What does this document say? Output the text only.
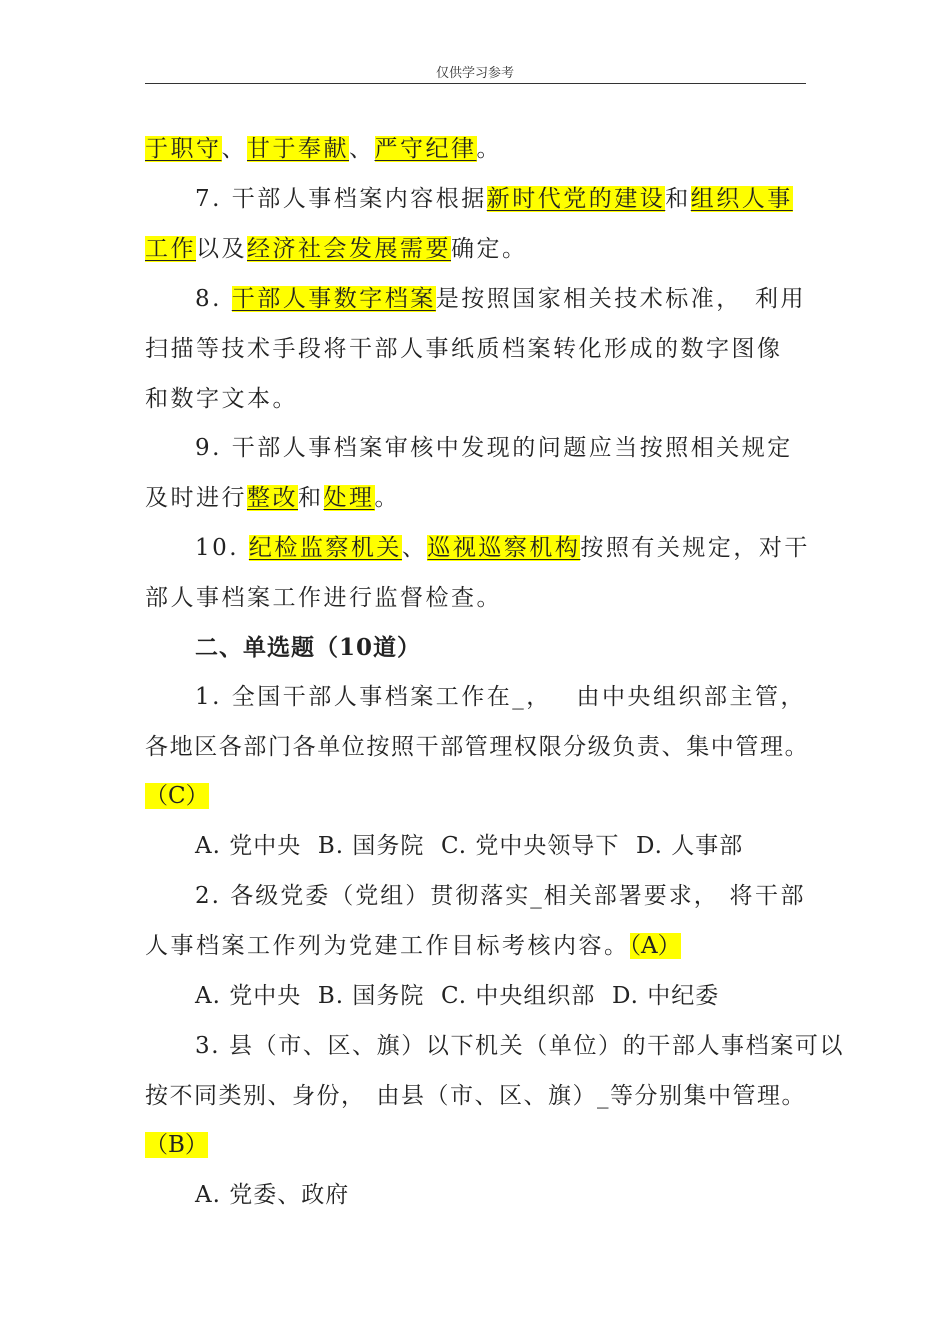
仅供学习参考
于职守、甘于奉献、严守纪律。
7. 干部人事档案内容根据新时代党的建设和组织人事
工作以及经济社会发展需要确定。
8. 干部人事数字档案是按照国家相关技术标准， 利用
扫描等技术手段将干部人事纸质档案转化形成的数字图像
和数字文本。
9. 干部人事档案审核中发现的问题应当按照相关规定
及时进行整改和处理。
10. 纪检监察机关、巡视巡察机构按照有关规定， 对干
部人事档案工作进行监督检查。
二、单选题（10道）
1. 全国干部人事档案工作在_， 由中央组织部主管，
各地区各部门各单位按照干部管理权限分级负责、集中管理。
（C）
A. 党中央  B. 国务院  C. 党中央领导下  D. 人事部
2. 各级党委（党组）贯彻落实_相关部署要求， 将干部
人事档案工作列为党建工作目标考核内容。（A）
A. 党中央  B. 国务院  C. 中央组织部  D. 中纪委
3. 县（市、区、旗）以下机关（单位）的干部人事档案可以
按不同类别、身份， 由县（市、区、旗）_等分别集中管理。
（B）
A. 党委、政府
